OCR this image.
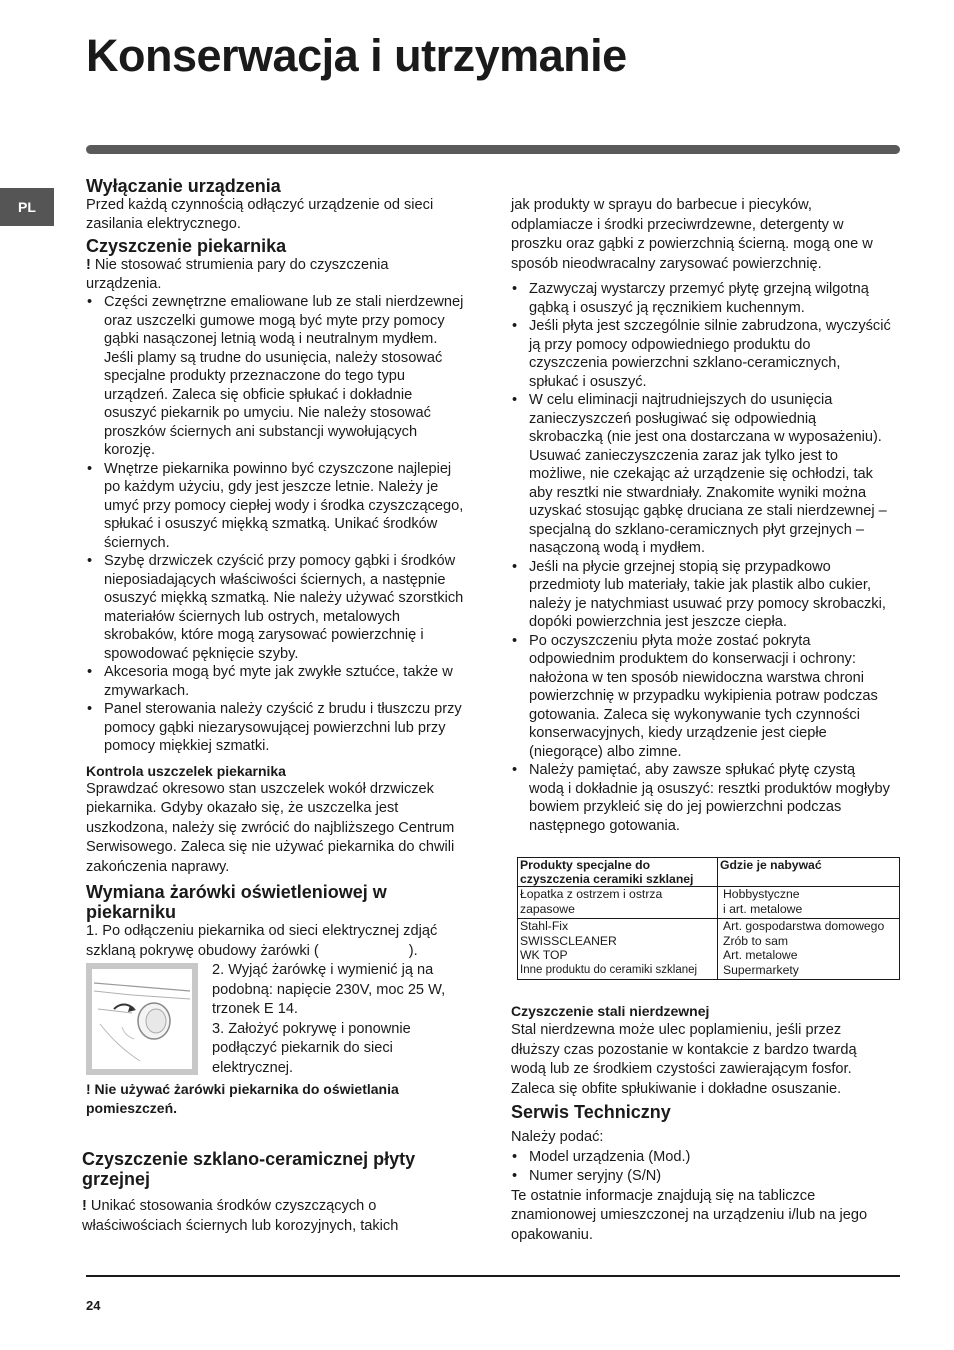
Konserwacja i utrzymanie
PL
Wyłączanie urządzenia

Przed każdą czynnością odłączyć urządzenie od sieci zasilania elektrycznego.

Czyszczenie piekarnika

! Nie stosować strumienia pary do czyszczenia urządzenia.

• Części zewnętrzne emaliowane lub ze stali nierdzewnej oraz uszczelki gumowe mogą być myte przy pomocy gąbki nasączonej letnią wodą i neutralnym mydłem. Jeśli plamy są trudne do usunięcia, należy stosować specjalne produkty przeznaczone do tego typu urządzeń. Zaleca się obficie spłukać i dokładnie osuszyć piekarnik po umyciu. Nie należy stosować proszków ściernych ani substancji wywołujących korozję.
• Wnętrze piekarnika powinno być czyszczone najlepiej po każdym użyciu, gdy jest jeszcze letnie. Należy je umyć przy pomocy ciepłej wody i środka czyszczącego, spłukać i osuszyć miękką szmatką. Unikać środków ściernych.
• Szybę drzwiczek czyścić przy pomocy gąbki i środków nieposiadających właściwości ściernych, a następnie osuszyć miękką szmatką. Nie należy używać szorstkich materiałów ściernych lub ostrych, metalowych skrobaków, które mogą zarysować powierzchnię i spowodować pęknięcie szyby.
• Akcesoria mogą być myte jak zwykłe sztućce, także w zmywarkach.
• Panel sterowania należy czyścić z brudu i tłuszczu przy pomocy gąbki niezarysowującej powierzchni lub przy pomocy miękkiej szmatki.
Kontrola uszczelek piekarnika

Sprawdzać okresowo stan uszczelek wokół drzwiczek piekarnika. Gdyby okazało się, że uszczelka jest uszkodzona, należy się zwrócić do najbliższego Centrum Serwisowego. Zaleca się nie używać piekarnika do chwili zakończenia naprawy.

Wymiana żarówki oświetleniowej w piekarniku

1. Po odłączeniu piekarnika od sieci elektrycznej zdjąć szklaną pokrywę obudowy żarówki (	).

2. Wyjąć żarówkę i wymienić ją na podobną: napięcie 230V, moc 25 W, trzonek E 14.

3. Założyć pokrywę i ponownie podłączyć piekarnik do sieci elektrycznej.

! Nie używać żarówki piekarnika do oświetlania pomieszczeń.

Czyszczenie szklano-ceramicznej płyty grzejnej

! Unikać stosowania środków czyszczących o właściwościach ściernych lub korozyjnych, takich

jak produkty w sprayu do barbecue i piecyków, odplamiacze i środki przeciwrdzewne, detergenty w proszku oraz gąbki z powierzchnią ścierną. mogą one w sposób nieodwracalny zarysować powierzchnię.

• Zazwyczaj wystarczy przemyć płytę grzejną wilgotną gąbką i osuszyć ją ręcznikiem kuchennym.
• Jeśli płyta jest szczególnie silnie zabrudzona, wyczyścić ją przy pomocy odpowiedniego produktu do czyszczenia powierzchni szklano-ceramicznych, spłukać i osuszyć.
• W celu eliminacji najtrudniejszych do usunięcia zanieczyszczeń posługiwać się odpowiednią skrobaczką (nie jest ona dostarczana w wyposażeniu). Usuwać zanieczyszczenia zaraz jak tylko jest to możliwe, nie czekając aż urządzenie się ochłodzi, tak aby resztki nie stwardniały. Znakomite wyniki można uzyskać stosując gąbkę druciana ze stali nierdzewnej – specjalną do szklano-ceramicznych płyt grzejnych – nasączoną wodą i mydłem.
• Jeśli na płycie grzejnej stopią się przypadkowo przedmioty lub materiały, takie jak plastik albo cukier, należy je natychmiast usuwać przy pomocy skrobaczki, dopóki powierzchnia jest jeszcze ciepła.
• Po oczyszczeniu płyta może zostać pokryta odpowiednim produktem do konserwacji i ochrony: nałożona w ten sposób niewidoczna warstwa chroni powierzchnię w przypadku wykipienia potraw podczas gotowania. Zaleca się wykonywanie tych czynności konserwacyjnych, kiedy urządzenie jest ciepłe (niegorące) albo zimne.
• Należy pamiętać, aby zawsze spłukać płytę czystą wodą i dokładnie ją osuszyć: resztki produktów mogłyby bowiem przykleić się do jej powierzchni podczas następnego gotowania.
Produkty specjalne do czyszczenia ceramiki szklanej	Gdzie je nabywać

Łopatka z ostrzem i ostrza
zapasowe	Hobbystyczne
i art. metalowe

Stahl-Fix
SWISSCLEANER
WK TOP
Inne produktu do ceramiki szklanej	Art. gospodarstwa domowego
Zrób to sam
Art. metalowe
Supermarkety
Czyszczenie stali nierdzewnej

Stal nierdzewna może ulec poplamieniu, jeśli przez dłuższy czas pozostanie w kontakcie z bardzo twardą wodą lub ze środkiem czystości zawierającym fosfor. Zaleca się obfite spłukiwanie i dokładne osuszanie.

Serwis Techniczny

Należy podać:

• Model urządzenia (Mod.)
• Numer seryjny (S/N)

Te ostatnie informacje znajdują się na tabliczce znamionowej umieszczonej na urządzeniu i/lub na jego opakowaniu.

24
